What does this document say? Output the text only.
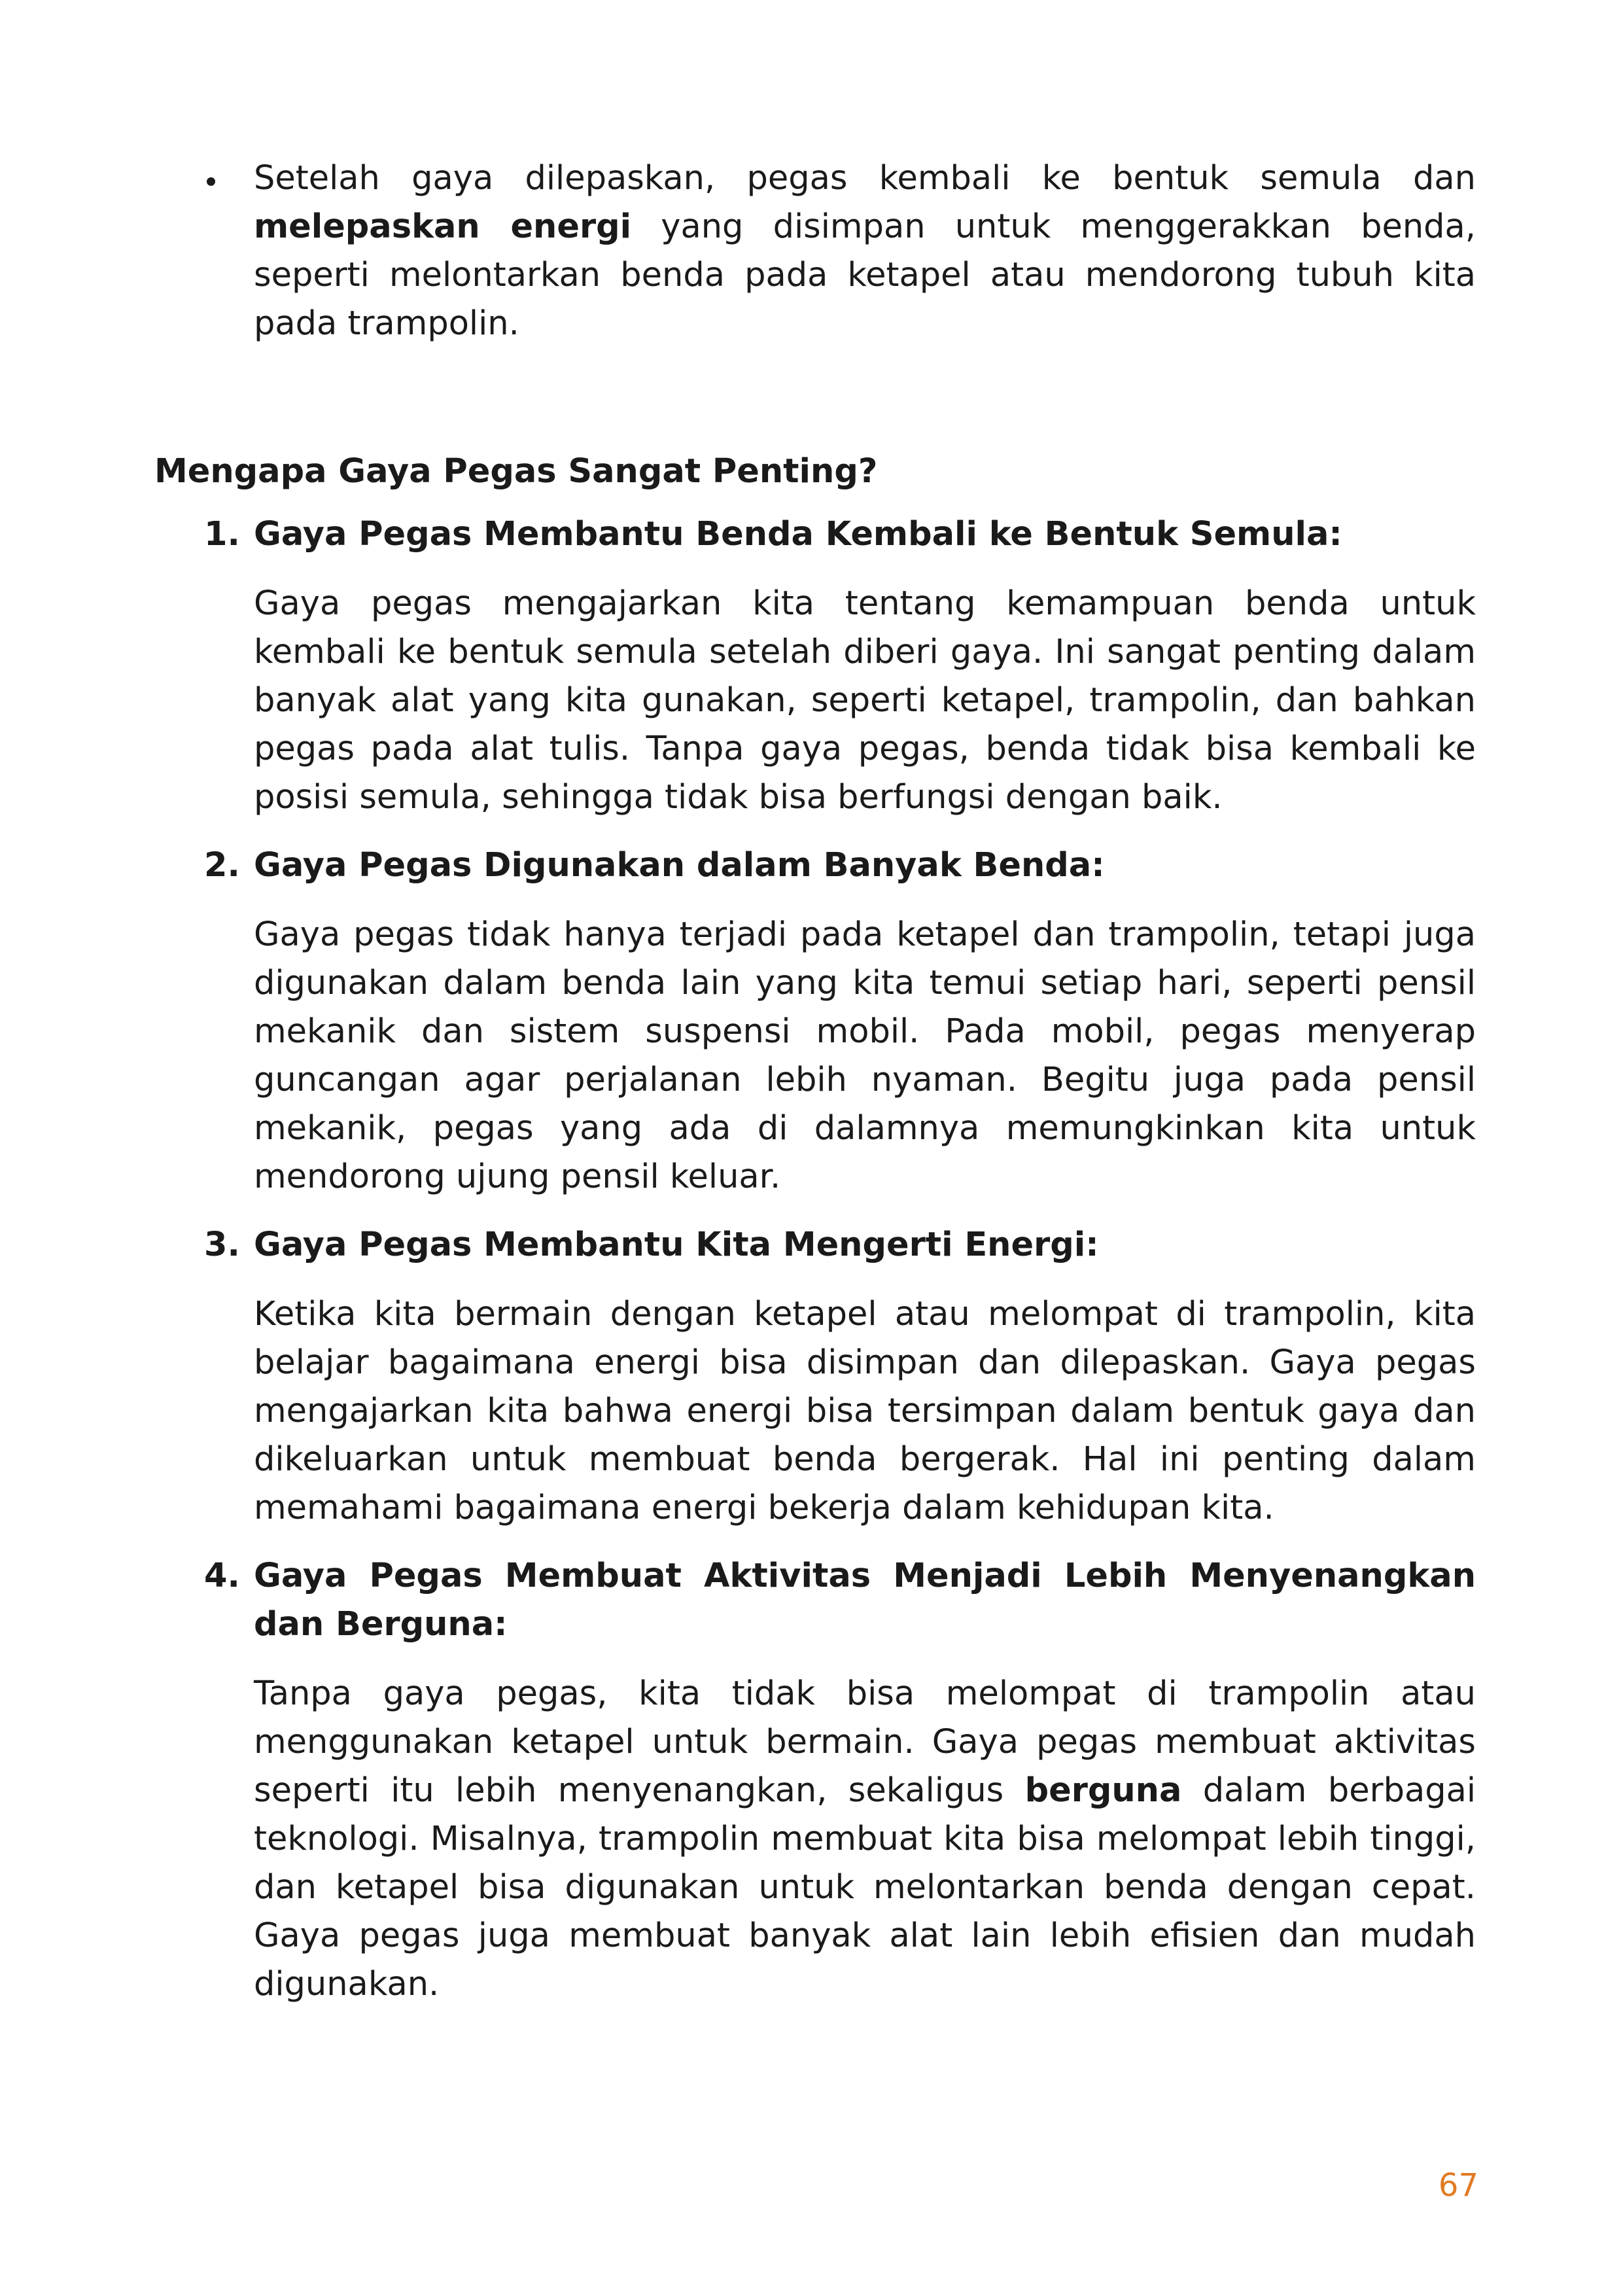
Setelah gaya dilepaskan, pegas kembali ke bentuk semula dan melepaskan energi yang disimpan untuk menggerakkan benda, seperti melontarkan benda pada ketapel atau mendorong tubuh kita pada trampolin.

Mengapa Gaya Pegas Sangat Penting?
1. Gaya Pegas Membantu Benda Kembali ke Bentuk Semula:

Gaya pegas mengajarkan kita tentang kemampuan benda untuk kembali ke bentuk semula setelah diberi gaya. Ini sangat penting dalam banyak alat yang kita gunakan, seperti ketapel, trampolin, dan bahkan pegas pada alat tulis. Tanpa gaya pegas, benda tidak bisa kembali ke posisi semula, sehingga tidak bisa berfungsi dengan baik.

2. Gaya Pegas Digunakan dalam Banyak Benda:

Gaya pegas tidak hanya terjadi pada ketapel dan trampolin, tetapi juga digunakan dalam benda lain yang kita temui setiap hari, seperti pensil mekanik dan sistem suspensi mobil. Pada mobil, pegas menyerap guncangan agar perjalanan lebih nyaman. Begitu juga pada pensil mekanik, pegas yang ada di dalamnya memungkinkan kita untuk mendorong ujung pensil keluar.

3. Gaya Pegas Membantu Kita Mengerti Energi:

Ketika kita bermain dengan ketapel atau melompat di trampolin, kita belajar bagaimana energi bisa disimpan dan dilepaskan. Gaya pegas mengajarkan kita bahwa energi bisa tersimpan dalam bentuk gaya dan dikeluarkan untuk membuat benda bergerak. Hal ini penting dalam memahami bagaimana energi bekerja dalam kehidupan kita.

4. Gaya Pegas Membuat Aktivitas Menjadi Lebih Menyenangkan dan Berguna:

Tanpa gaya pegas, kita tidak bisa melompat di trampolin atau menggunakan ketapel untuk bermain. Gaya pegas membuat aktivitas seperti itu lebih menyenangkan, sekaligus berguna dalam berbagai teknologi. Misalnya, trampolin membuat kita bisa melompat lebih tinggi, dan ketapel bisa digunakan untuk melontarkan benda dengan cepat. Gaya pegas juga membuat banyak alat lain lebih efisien dan mudah digunakan.

67
